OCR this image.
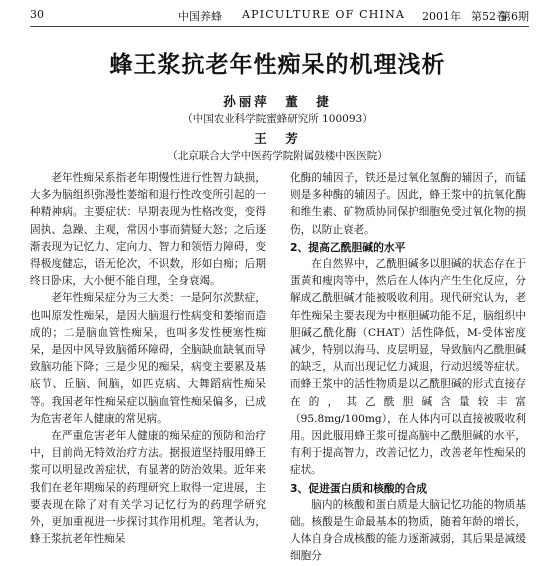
30	中国养蜂 APICULTURE OF CHINA 2001年 第52卷
第6期
蜂王浆抗老年性痴呆的机理浅析
孙丽萍　董　捷
（中国农业科学院蜜蜂研究所 100093）
王　芳
（北京联合大学中医药学院附属鼓楼中医医院）

老年性痴呆系指老年期慢性进行性智力缺损，大多为脑组织弥漫性萎缩和退行性改变所引起的一种精神病。主要症状：早期表现为性格改变，变得固执、急躁、主观，常因小事而猜疑大怒；之后逐渐表现为记忆力、定向力、智力和领悟力障碍，变得极度健忘，语无伦次，不识数，形如白痴；后期终日卧床，大小便不能自理，全身衰竭。

老年性痴呆症分为三大类：一是阿尔茨默症，也叫原发性痴呆，是因大脑退行性病变和萎缩而造成的；二是脑血管性痴呆，也叫多发性梗塞性痴呆，是因中风导致脑循环障碍，全脑缺血缺氧而导致脑功能下降；三是少见的痴呆，病变主要累及基底节、丘脑、间脑，如匹克病、大舞蹈病性痴呆等。我国老年性痴呆症以脑血管性痴呆偏多，已成为危害老年人健康的常见病。

在严重危害老年人健康的痴呆症的预防和治疗中，目前尚无特效治疗方法。据报道坚持服用蜂王浆可以明显改善症状，有显著的防治效果。近年来我们在老年期痴呆的药理研究上取得一定进展，主要表现在除了对有关学习记忆行为的药理学研究外，更加重视进一步探讨其作用机理。笔者认为，蜂王浆抗老年性痴呆

化酶的辅因子，铁还是过氧化氢酶的辅因子，而锰则是多种酶的辅因子。因此，蜂王浆中的抗氧化酶和维生素、矿物质协同保护细胞免受过氧化物的损伤，以防止衰老。

2、提高乙酰胆碱的水平

在自然界中，乙酰胆碱多以胆碱的状态存在于蛋黄和瘦肉等中，然后在人体内产生生化反应，分解成乙酰胆碱才能被吸收利用。现代研究认为，老年性痴呆主要表现为中枢胆碱功能不足，脑组织中胆碱乙酰化酶（CHAT）活性降低，M-受体密度减少，特别以海马、皮层明显，导致脑内乙酰胆碱的缺乏，从而出现记忆力减退，行动迟缓等症状。而蜂王浆中的活性物质是以乙酰胆碱的形式直接存在的，其乙酰胆碱含量较丰富（95.8mg/100mg），在人体内可以直接被吸收利用。因此服用蜂王浆可提高脑中乙酰胆碱的水平，有利于提高智力，改善记忆力，改善老年性痴呆的症状。

3、促进蛋白质和核酸的合成

脑内的核酸和蛋白质是大脑记忆功能的物质基础。核酸是生命最基本的物质，随着年龄的增长，人体自身合成核酸的能力逐渐减弱，其后果是减缓细胞分
